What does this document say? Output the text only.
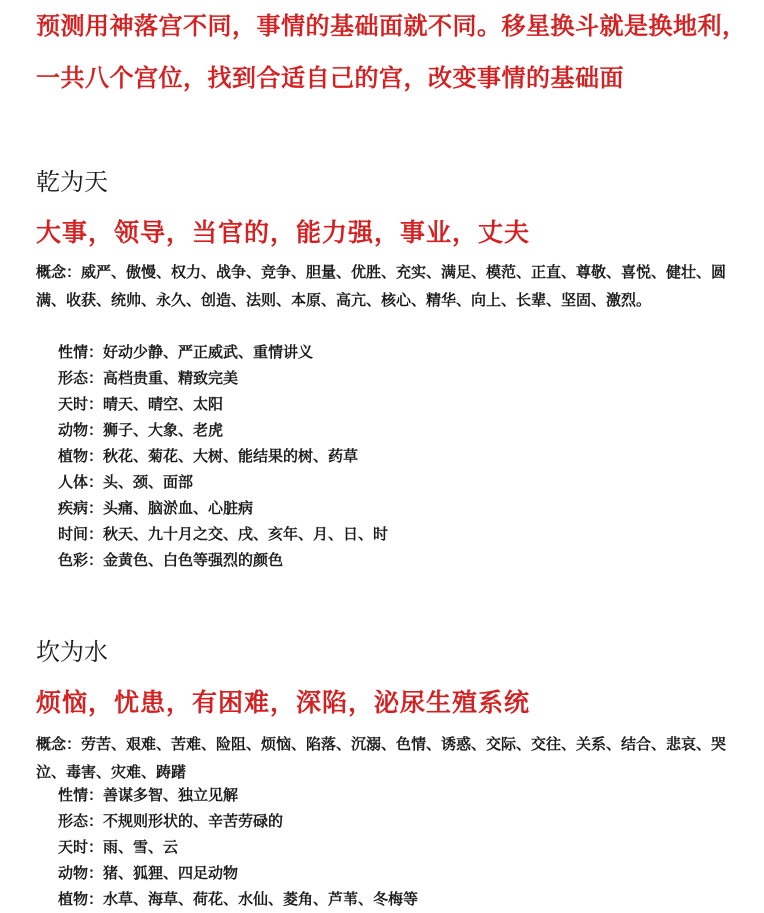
预测用神落宫不同，事情的基础面就不同。移星换斗就是换地利，
一共八个宫位，找到合适自己的宫，改变事情的基础面
乾为天
大事，领导，当官的，能力强，事业，丈夫
概念：威严、傲慢、权力、战争、竞争、胆量、优胜、充实、满足、模范、正直、尊敬、喜悦、健壮、圆满、收获、统帅、永久、创造、法则、本原、高亢、核心、精华、向上、长辈、坚固、激烈。
性情：好动少静、严正威武、重情讲义
形态：高档贵重、精致完美
天时：晴天、晴空、太阳
动物：狮子、大象、老虎
植物：秋花、菊花、大树、能结果的树、药草
人体：头、颈、面部
疾病：头痛、脑淤血、心脏病
时间：秋天、九十月之交、戌、亥年、月、日、时
色彩：金黄色、白色等强烈的颜色
坎为水
烦恼，忧患，有困难，深陷，泌尿生殖系统
概念：劳苦、艰难、苦难、险阻、烦恼、陷落、沉溺、色情、诱惑、交际、交往、关系、结合、悲哀、哭泣、毒害、灾难、踌躇
性情：善谋多智、独立见解
形态：不规则形状的、辛苦劳碌的
天时：雨、雪、云
动物：猪、狐狸、四足动物
植物：水草、海草、荷花、水仙、菱角、芦苇、冬梅等
